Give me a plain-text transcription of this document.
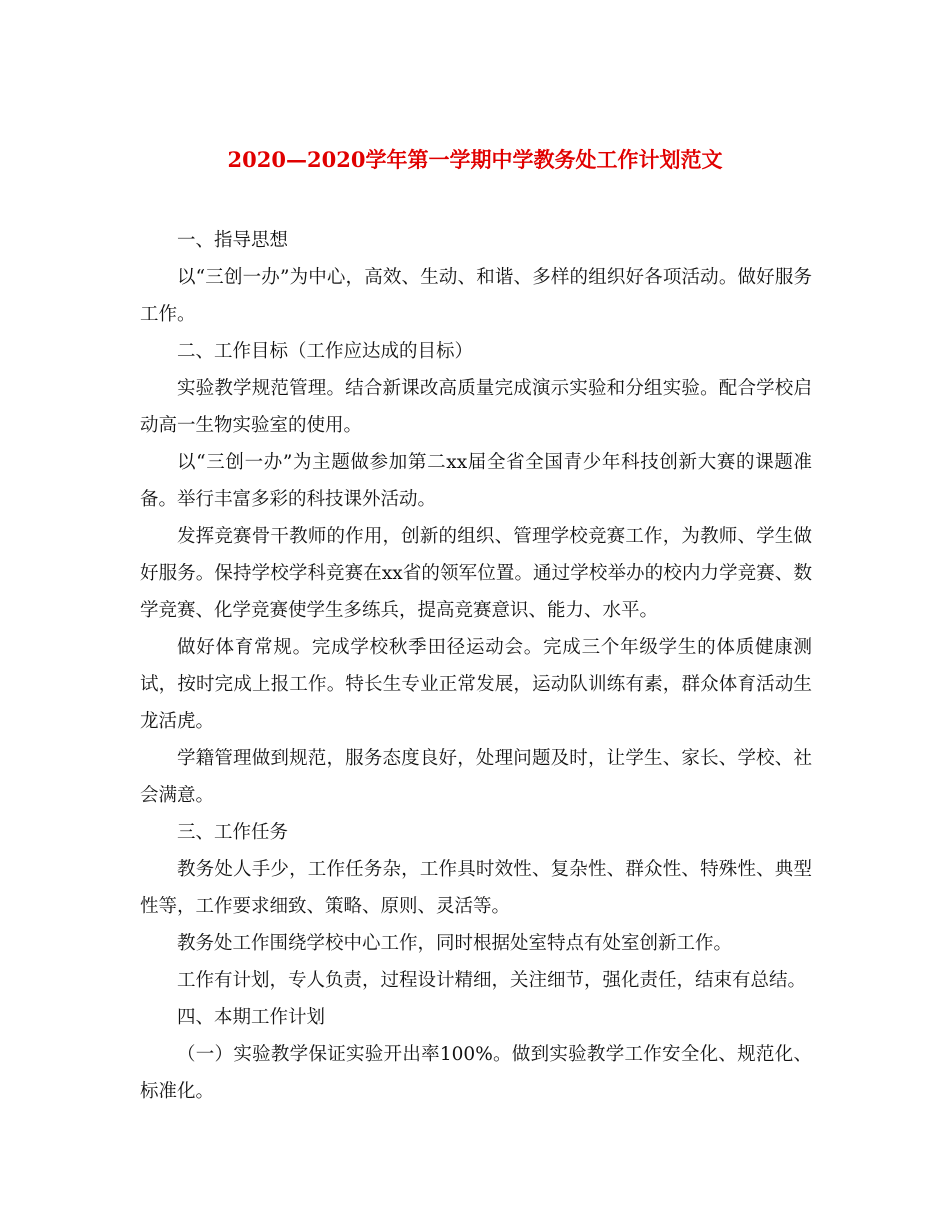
2020—2020学年第一学期中学教务处工作计划范文

一、指导思想

以“三创一办”为中心，高效、生动、和谐、多样的组织好各项活动。做好服务工作。

二、工作目标（工作应达成的目标）

实验教学规范管理。结合新课改高质量完成演示实验和分组实验。配合学校启动高一生物实验室的使用。

以“三创一办”为主题做参加第二xx届全省全国青少年科技创新大赛的课题准备。举行丰富多彩的科技课外活动。

发挥竞赛骨干教师的作用，创新的组织、管理学校竞赛工作，为教师、学生做好服务。保持学校学科竞赛在xx省的领军位置。通过学校举办的校内力学竞赛、数学竞赛、化学竞赛使学生多练兵，提高竞赛意识、能力、水平。

做好体育常规。完成学校秋季田径运动会。完成三个年级学生的体质健康测试，按时完成上报工作。特长生专业正常发展，运动队训练有素，群众体育活动生龙活虎。

学籍管理做到规范，服务态度良好，处理问题及时，让学生、家长、学校、社会满意。

三、工作任务

教务处人手少，工作任务杂，工作具时效性、复杂性、群众性、特殊性、典型性等，工作要求细致、策略、原则、灵活等。

教务处工作围绕学校中心工作，同时根据处室特点有处室创新工作。

工作有计划，专人负责，过程设计精细，关注细节，强化责任，结束有总结。

四、本期工作计划

（一）实验教学保证实验开出率100%。做到实验教学工作安全化、规范化、标准化。
